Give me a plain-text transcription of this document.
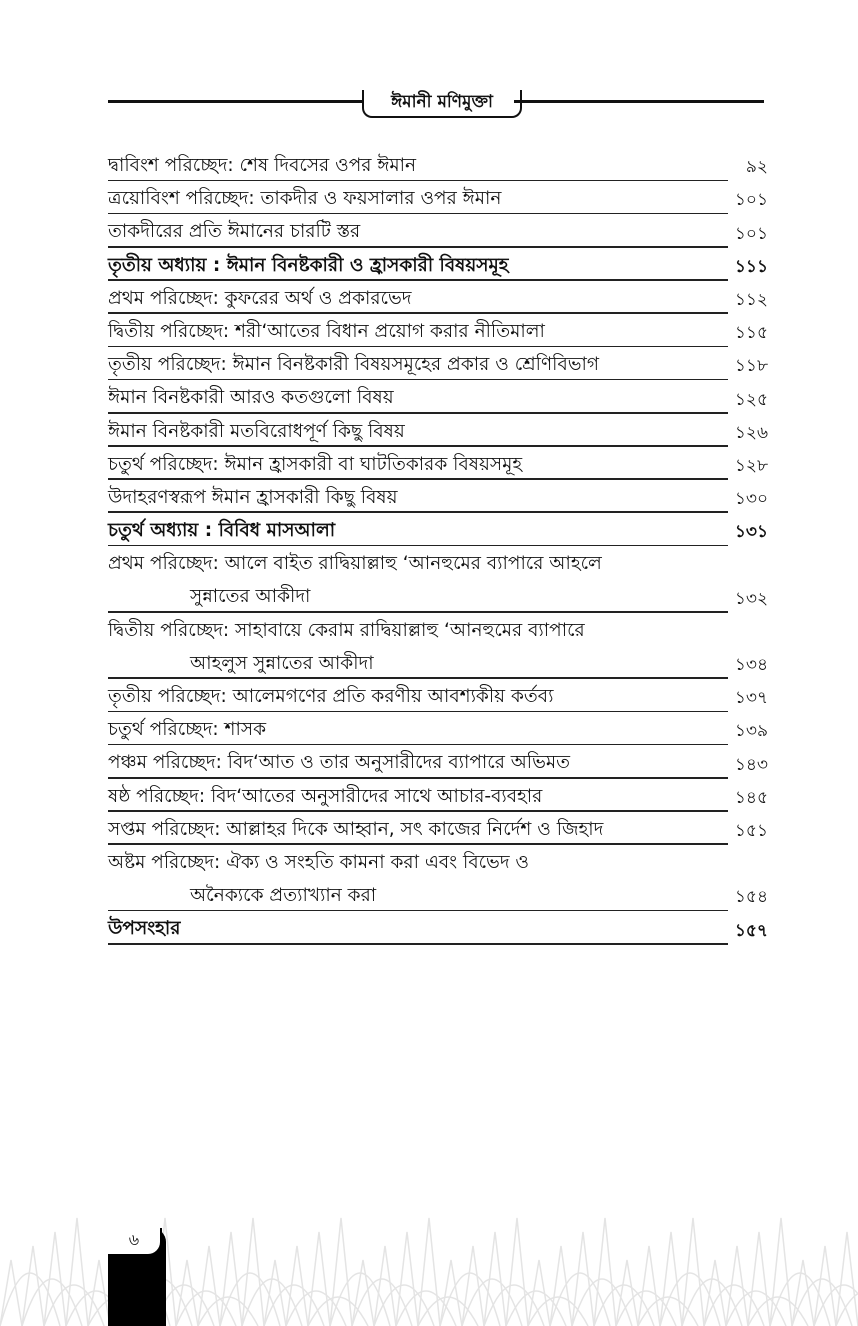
ঈমানী মণিমুক্তা
দ্বাবিংশ পরিচ্ছেদ: শেষ দিবসের ওপর ঈমান	৯২
ত্রয়োবিংশ পরিচ্ছেদ: তাকদীর ও ফয়সালার ওপর ঈমান	১০১
তাকদীরের প্রতি ঈমানের চারটি স্তর	১০১
তৃতীয় অধ্যায় : ঈমান বিনষ্টকারী ও হ্রাসকারী বিষয়সমূহ	১১১
প্রথম পরিচ্ছেদ: কুফরের অর্থ ও প্রকারভেদ	১১২
দ্বিতীয় পরিচ্ছেদ: শরী‘আতের বিধান প্রয়োগ করার নীতিমালা	১১৫
তৃতীয় পরিচ্ছেদ: ঈমান বিনষ্টকারী বিষয়সমূহের প্রকার ও শ্রেণিবিভাগ	১১৮
ঈমান বিনষ্টকারী আরও কতগুলো বিষয়	১২৫
ঈমান বিনষ্টকারী মতবিরোধপূর্ণ কিছু বিষয়	১২৬
চতুর্থ পরিচ্ছেদ: ঈমান হ্রাসকারী বা ঘাটতিকারক বিষয়সমূহ	১২৮
উদাহরণস্বরূপ ঈমান হ্রাসকারী কিছু বিষয়	১৩০
চতুর্থ অধ্যায় : বিবিধ মাসআলা	১৩১
প্রথম পরিচ্ছেদ: আলে বাইত রাদ্বিয়াল্লাহু ‘আনহুমের ব্যাপারে আহলে
সুন্নাতের আকীদা	১৩২
দ্বিতীয় পরিচ্ছেদ: সাহাবায়ে কেরাম রাদ্বিয়াল্লাহু ‘আনহুমের ব্যাপারে
আহলুস সুন্নাতের আকীদা	১৩৪
তৃতীয় পরিচ্ছেদ: আলেমগণের প্রতি করণীয় আবশ্যকীয় কর্তব্য	১৩৭
চতুর্থ পরিচ্ছেদ: শাসক	১৩৯
পঞ্চম পরিচ্ছেদ: বিদ‘আত ও তার অনুসারীদের ব্যাপারে অভিমত	১৪৩
ষষ্ঠ পরিচ্ছেদ: বিদ‘আতের অনুসারীদের সাথে আচার-ব্যবহার	১৪৫
সপ্তম পরিচ্ছেদ: আল্লাহর দিকে আহ্বান, সৎ কাজের নির্দেশ ও জিহাদ	১৫১
অষ্টম পরিচ্ছেদ: ঐক্য ও সংহতি কামনা করা এবং বিভেদ ও
অনৈক্যকে প্রত্যাখ্যান করা	১৫৪
উপসংহার	১৫৭
৬
